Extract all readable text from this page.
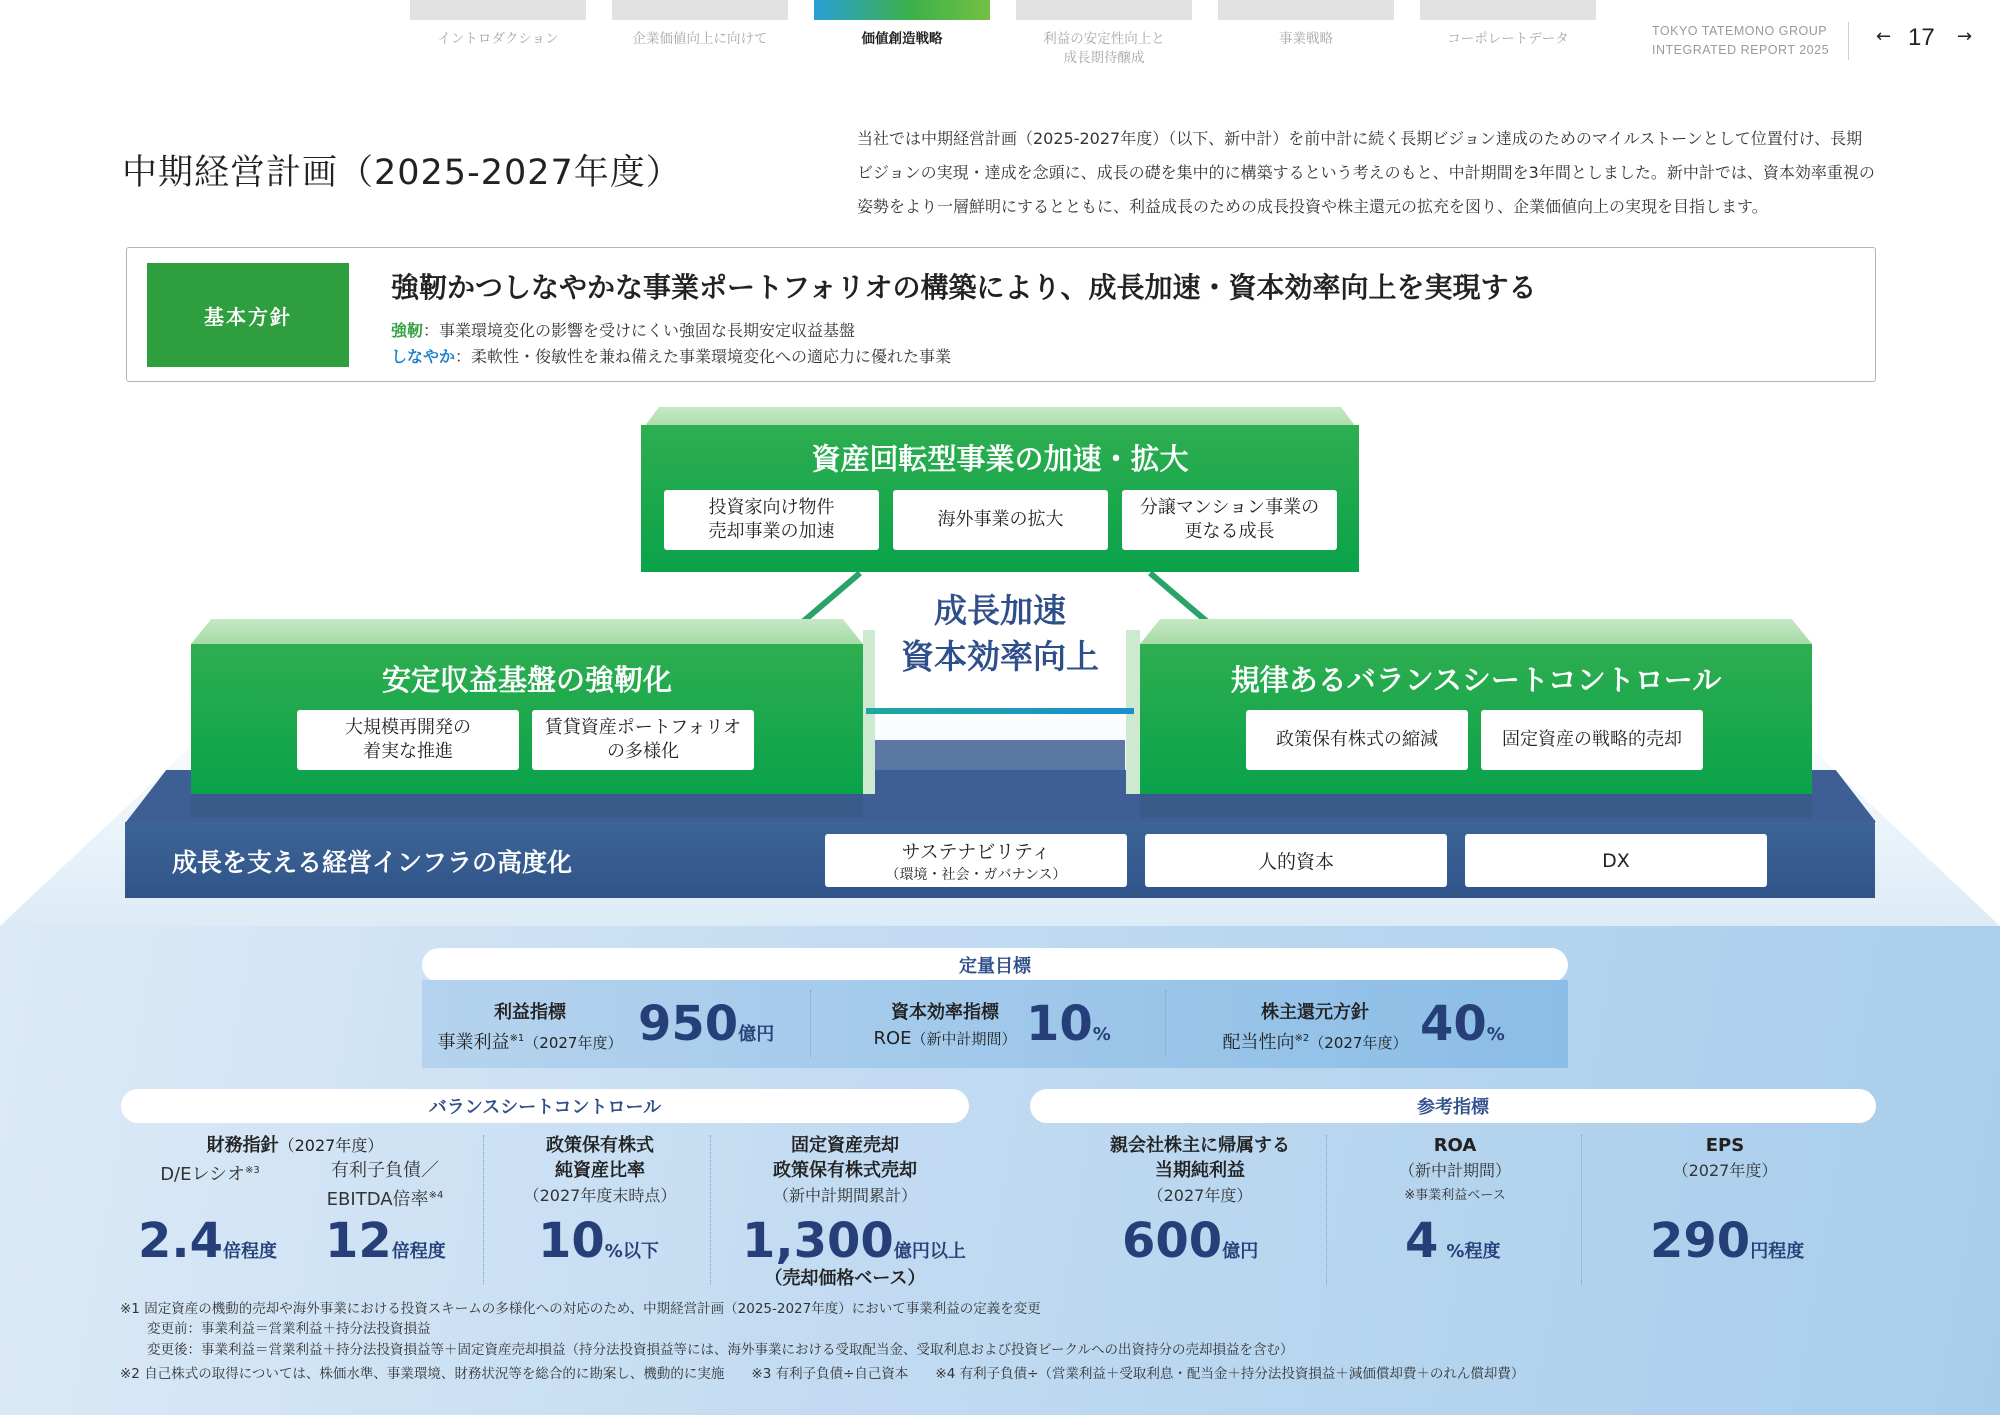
イントロダクション	企業価値向上に向けて	価値創造戦略	利益の安定性向上と
成長期待醸成
事業戦略	コーポレートデータ	TOKYO TATEMONO GROUP
INTEGRATED REPORT 2025
← 17 →
中期経営計画（2025-2027年度）
当社では中期経営計画（2025-2027年度）（以下、新中計）を前中計に続く長期ビジョン達成のためのマイルストーンとして位置付け、長期ビジョンの実現・達成を念頭に、成長の礎を集中的に構築するという考えのもと、中計期間を3年間としました。新中計では、資本効率重視の姿勢をより一層鮮明にするとともに、利益成長のための成長投資や株主還元の拡充を図り、企業価値向上の実現を目指します。
基本方針
強靭かつしなやかな事業ポートフォリオの構築により、成長加速・資本効率向上を実現する
強靭：事業環境変化の影響を受けにくい強固な長期安定収益基盤
しなやか：柔軟性・俊敏性を兼ね備えた事業環境変化への適応力に優れた事業
安定収益基盤の強靭化
大規模再開発の
着実な推進
賃貸資産ポートフォリオ
の多様化
規律あるバランスシートコントロール
政策保有株式の縮減	固定資産の戦略的売却
資産回転型事業の加速・拡大
投資家向け物件
売却事業の加速
海外事業の拡大
分譲マンション事業の
更なる成長
成長加速
資本効率向上
成長を支える経営インフラの高度化	サステナビリティ
（環境・社会・ガバナンス）
人的資本	DX
定量目標
利益指標
事業利益$^{※1}$（2027年度） 950億円
資本効率指標
ROE（新中計期間） 10%
株主還元方針
配当性向$^{※2}$（2027年度） 40%
バランスシートコントロール	参考指標
財務指針（2027年度）
D/Eレシオ$^{※3}$	有利子負債／
EBITDA倍率$^{※4}$
2.4倍程度 12倍程度
政策保有株式
純資産比率
（2027年度末時点）
10%以下
固定資産売却
政策保有株式売却
（新中計期間累計）
1,300億円以上
（売却価格ベース）
親会社株主に帰属する
当期純利益
（2027年度）
600億円
ROA
（新中計期間）
※事業利益ベース
4 %程度
EPS
（2027年度）
290円程度
※1 固定資産の機動的売却や海外事業における投資スキームの多様化への対応のため、中期経営計画（2025-2027年度）において事業利益の定義を変更
　　変更前：事業利益＝営業利益＋持分法投資損益
　　変更後：事業利益＝営業利益＋持分法投資損益等＋固定資産売却損益（持分法投資損益等には、海外事業における受取配当金、受取利息および投資ビークルへの出資持分の売却損益を含む）
※2 自己株式の取得については、株価水準、事業環境、財務状況等を総合的に勘案し、機動的に実施　　※3 有利子負債÷自己資本　　※4 有利子負債÷（営業利益＋受取利息・配当金＋持分法投資損益＋減価償却費＋のれん償却費）
